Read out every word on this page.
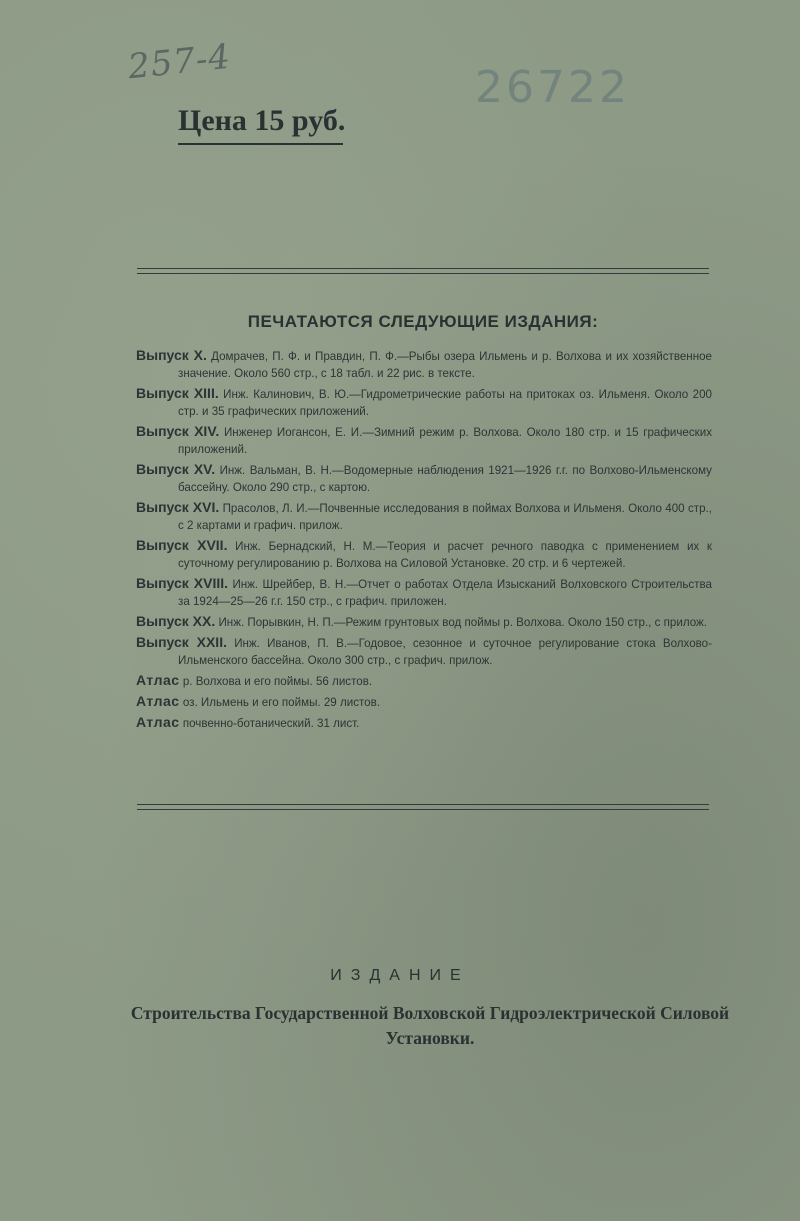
257-4
26722
Цена 15 руб.
ПЕЧАТАЮТСЯ СЛЕДУЮЩИЕ ИЗДАНИЯ:
Выпуск X. Домрачев, П. Ф. и Правдин, П. Ф.—Рыбы озера Ильмень и р. Волхова и их хозяйственное значение. Около 560 стр., с 18 табл. и 22 рис. в тексте.
Выпуск XIII. Инж. Калинович, В. Ю.—Гидрометрические работы на притоках оз. Ильменя. Около 200 стр. и 35 графических приложений.
Выпуск XIV. Инженер Иогансон, Е. И.—Зимний режим р. Волхова. Около 180 стр. и 15 графических приложений.
Выпуск XV. Инж. Вальман, В. Н.—Водомерные наблюдения 1921—1926 г.г. по Волхово-Ильменскому бассейну. Около 290 стр., с картою.
Выпуск XVI. Прасолов, Л. И.—Почвенные исследования в поймах Волхова и Ильменя. Около 400 стр., с 2 картами и графич. прилож.
Выпуск XVII. Инж. Бернадский, Н. М.—Теория и расчет речного паводка с применением их к суточному регулированию р. Волхова на Силовой Установке. 20 стр. и 6 чертежей.
Выпуск XVIII. Инж. Шрейбер, В. Н.—Отчет о работах Отдела Изысканий Волховского Строительства за 1924—25—26 г.г. 150 стр., с графич. приложен.
Выпуск XX. Инж. Порывкин, Н. П.—Режим грунтовых вод поймы р. Волхова. Около 150 стр., с прилож.
Выпуск XXII. Инж. Иванов, П. В.—Годовое, сезонное и суточное регулирование стока Волхово-Ильменского бассейна. Около 300 стр., с графич. прилож.
Атлас р. Волхова и его поймы. 56 листов.
Атлас оз. Ильмень и его поймы. 29 листов.
Атлас почвенно-ботанический. 31 лист.
ИЗДАНИЕ
Строительства Государственной Волховской Гидроэлектрической Силовой Установки.
